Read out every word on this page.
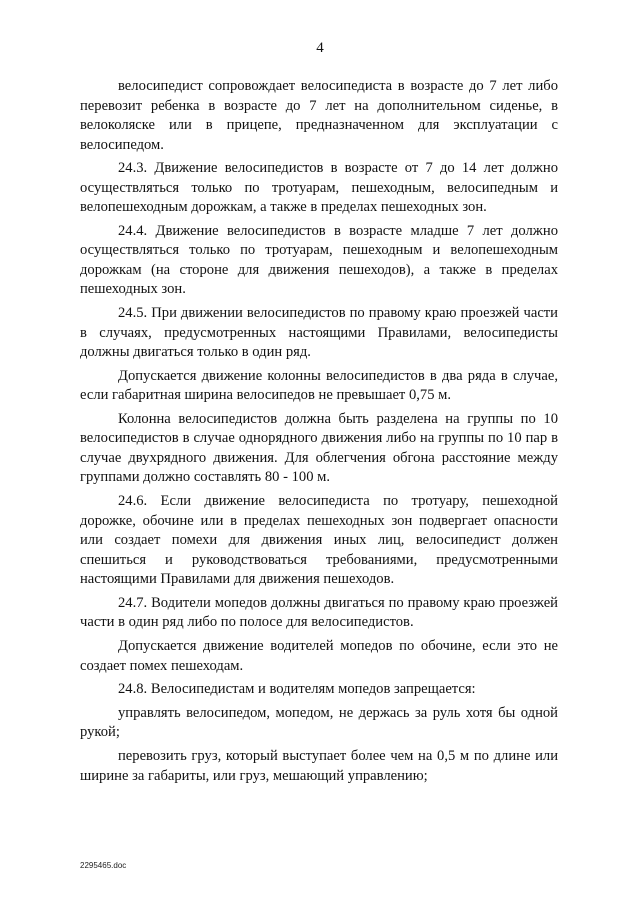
4

велосипедист сопровождает велосипедиста в возрасте до 7 лет либо перевозит ребенка в возрасте до 7 лет на дополнительном сиденье, в велоколяске или в прицепе, предназначенном для эксплуатации с велосипедом.

24.3. Движение велосипедистов в возрасте от 7 до 14 лет должно осуществляться только по тротуарам, пешеходным, велосипедным и велопешеходным дорожкам, а также в пределах пешеходных зон.

24.4. Движение велосипедистов в возрасте младше 7 лет должно осуществляться только по тротуарам, пешеходным и велопешеходным дорожкам (на стороне для движения пешеходов), а также в пределах пешеходных зон.

24.5. При движении велосипедистов по правому краю проезжей части в случаях, предусмотренных настоящими Правилами, велосипедисты должны двигаться только в один ряд.

Допускается движение колонны велосипедистов в два ряда в случае, если габаритная ширина велосипедов не превышает 0,75 м.

Колонна велосипедистов должна быть разделена на группы по 10 велосипедистов в случае однорядного движения либо на группы по 10 пар в случае двухрядного движения. Для облегчения обгона расстояние между группами должно составлять 80 - 100 м.

24.6. Если движение велосипедиста по тротуару, пешеходной дорожке, обочине или в пределах пешеходных зон подвергает опасности или создает помехи для движения иных лиц, велосипедист должен спешиться и руководствоваться требованиями, предусмотренными настоящими Правилами для движения пешеходов.

24.7. Водители мопедов должны двигаться по правому краю проезжей части в один ряд либо по полосе для велосипедистов.

Допускается движение водителей мопедов по обочине, если это не создает помех пешеходам.

24.8. Велосипедистам и водителям мопедов запрещается:

управлять велосипедом, мопедом, не держась за руль хотя бы одной рукой;

перевозить груз, который выступает более чем на 0,5 м по длине или ширине за габариты, или груз, мешающий управлению;

2295465.doc
